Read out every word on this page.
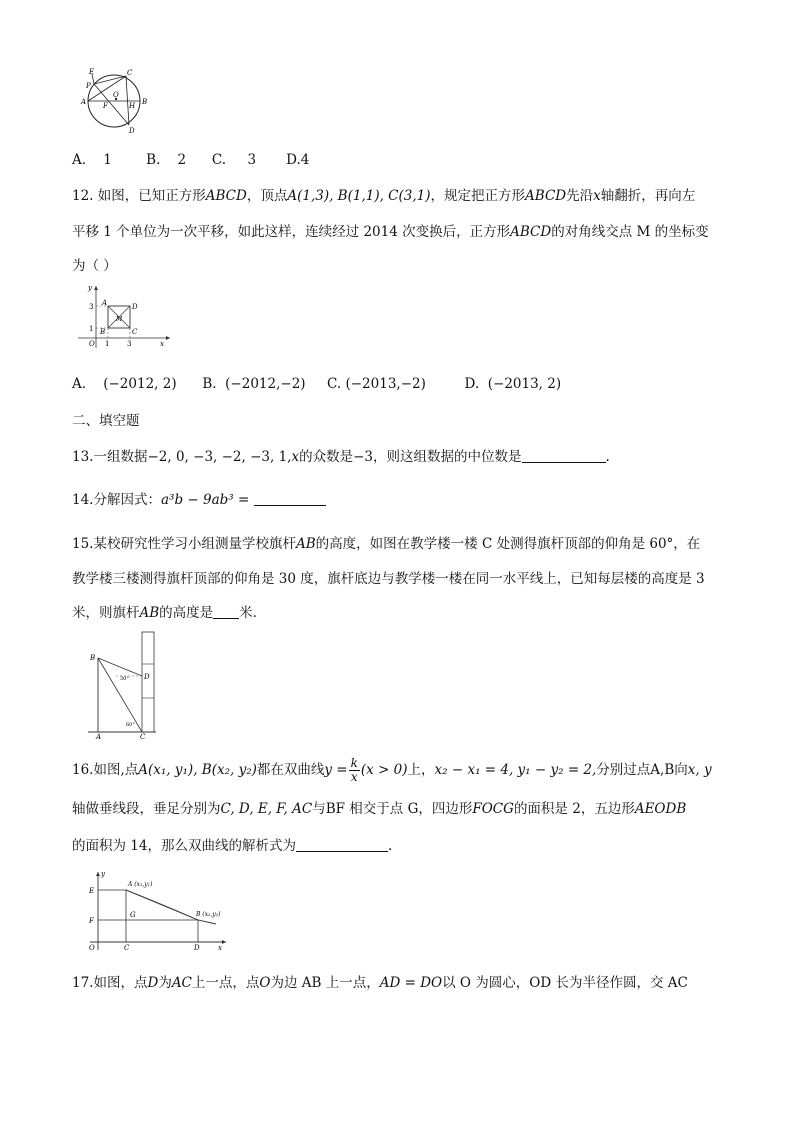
E	C
P
O
A F	H B
D
A. 1	B. 2 C. 3 D.4
12. 如图，已知正方形ABCD，顶点A(1,3), B(1,1), C(3,1)，规定把正方形ABCD先沿x轴翻折，再向左
平移 1 个单位为一次平移，如此这样，连续经过 2014 次变换后，正方形ABCD的对角线交点 M 的坐标变
为（ ）
y
x
A	D
B	C
M
O
3
1
1	3
A. (−2012, 2) B. (−2012,−2) C. (−2013,−2)	D. (−2013, 2)
二、填空题
13.一组数据−2, 0, −3, −2, −3, 1,x的众数是−3，则这组数据的中位数是	.
14.分解因式：a³b − 9ab³ =
15.某校研究性学习小组测量学校旗杆AB的高度，如图在教学楼一楼 C 处测得旗杆顶部的仰角是 60°，在
教学楼三楼测得旗杆顶部的仰角是 30 度，旗杆底边与教学楼一楼在同一水平线上，已知每层楼的高度是 3
米，则旗杆AB的高度是 米.
B
D
A	C
30°
60°
16.如图,点A(x₁, y₁), B(x₂, y₂)都在双曲线$y = \frac{k}{x} (x > 0)$上，x₂ − x₁ = 4, y₁ − y₂ = 2,分别过点A,B向x, y
轴做垂线段，垂足分别为C, D, E, F, AC与BF 相交于点 G，四边形FOCG的面积是 2，五边形AEODB
的面积为 14，那么双曲线的解析式为	.
y
x
E
F
O	C	D
G
A (x₁,y₁)
B (x₂,y₂)
17.如图，点D为AC上一点，点O为边 AB 上一点，AD = DO以 O 为圆心，OD 长为半径作圆，交 AC
